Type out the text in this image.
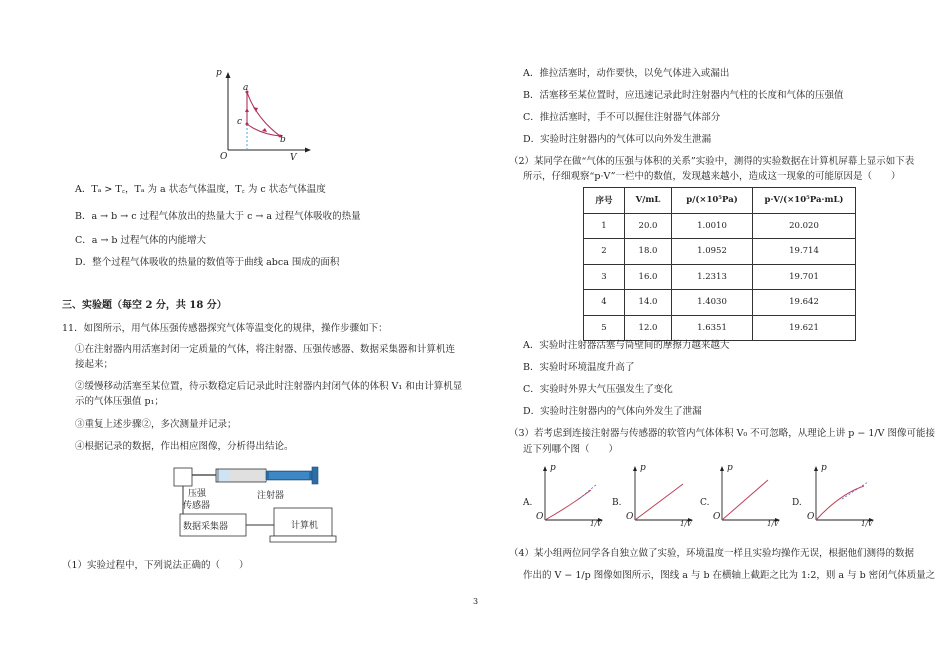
p
a
c
b
O	V
A．Tₐ > T꜀，Tₐ 为 a 状态气体温度，T꜀ 为 c 状态气体温度
B．a → b → c 过程气体放出的热量大于 c → a 过程气体吸收的热量
C．a → b 过程气体的内能增大
D．整个过程气体吸收的热量的数值等于曲线 abca 围成的面积
三、实验题（每空 2 分，共 18 分）
11．如图所示，用气体压强传感器探究气体等温变化的规律，操作步骤如下：
①在注射器内用活塞封闭一定质量的气体，将注射器、压强传感器、数据采集器和计算机连
接起来；
②缓慢移动活塞至某位置，待示数稳定后记录此时注射器内封闭气体的体积 V₁ 和由计算机显
示的气体压强值 p₁；
③重复上述步骤②，多次测量并记录；
④根据记录的数据，作出相应图像，分析得出结论。
压强
传感器
注射器
数据采集器	计算机
（1）实验过程中，下列说法正确的（　　）
A．推拉活塞时，动作要快，以免气体进入或漏出
B．活塞移至某位置时，应迅速记录此时注射器内气柱的长度和气体的压强值
C．推拉活塞时，手不可以握住注射器气体部分
D．实验时注射器内的气体可以向外发生泄漏
（2）某同学在做“气体的压强与体积的关系”实验中，测得的实验数据在计算机屏幕上显示如下表
所示，仔细观察“p·V”一栏中的数值，发现越来越小，造成这一现象的可能原因是（　　）
序号	V/mL	p/(×10⁵Pa)	p·V/(×10⁵Pa·mL)
1	20.0	1.0010	20.020
2	18.0	1.0952	19.714
3	16.0	1.2313	19.701
4	14.0	1.4030	19.642
5	12.0	1.6351	19.621
A．实验时注射器活塞与筒壁间的摩擦力越来越大
B．实验时环境温度升高了
C．实验时外界大气压强发生了变化
D．实验时注射器内的气体向外发生了泄漏
（3）若考虑到连接注射器与传感器的软管内气体体积 V₀ 不可忽略，从理论上讲 p − 1/V 图像可能接
近下列哪个图（　　）
A.	B.	C.	D.
p
O
1/V
p
O
1/V
p
O
1/V
p
O
1/V
（4）某小组两位同学各自独立做了实验，环境温度一样且实验均操作无误，根据他们测得的数据
作出的 V − 1/p 图像如图所示，图线 a 与 b 在横轴上截距之比为 1:2，则 a 与 b 密闭气体质量之
3
